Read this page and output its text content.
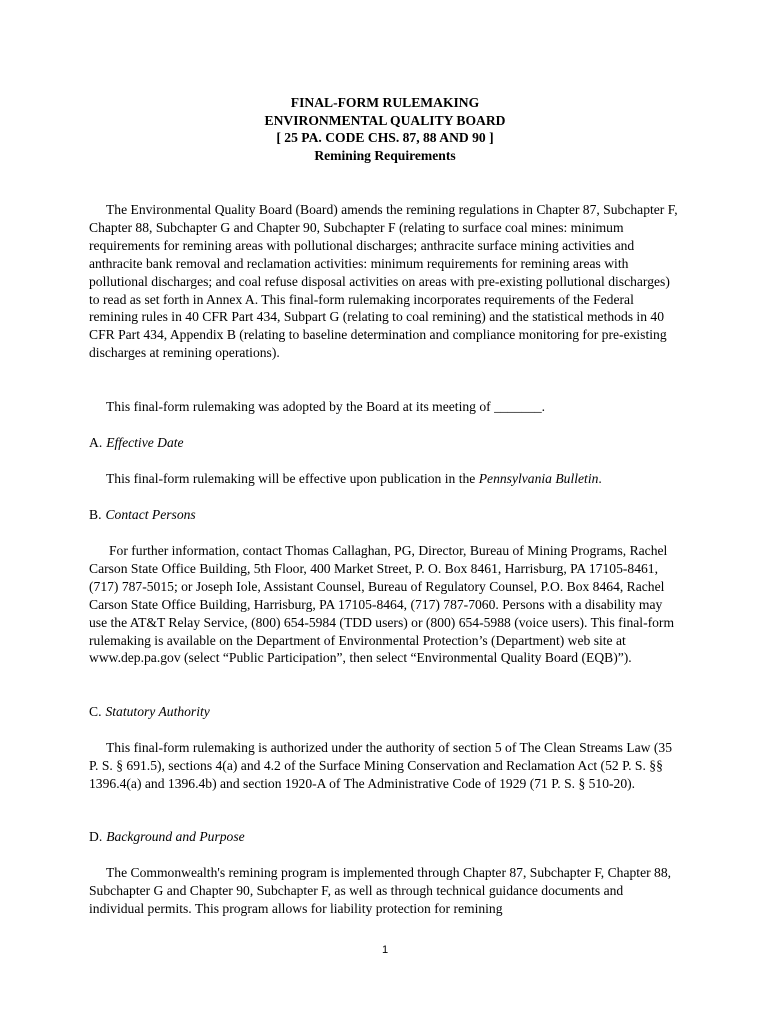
FINAL-FORM RULEMAKING
ENVIRONMENTAL QUALITY BOARD
[ 25 PA. CODE CHS. 87, 88 AND 90 ]
Remining Requirements

The Environmental Quality Board (Board) amends the remining regulations in Chapter 87, Subchapter F, Chapter 88, Subchapter G and Chapter 90, Subchapter F (relating to surface coal mines: minimum requirements for remining areas with pollutional discharges; anthracite surface mining activities and anthracite bank removal and reclamation activities: minimum requirements for remining areas with pollutional discharges; and coal refuse disposal activities on areas with pre-existing pollutional discharges) to read as set forth in Annex A. This final-form rulemaking incorporates requirements of the Federal remining rules in 40 CFR Part 434, Subpart G (relating to coal remining) and the statistical methods in 40 CFR Part 434, Appendix B (relating to baseline determination and compliance monitoring for pre-existing discharges at remining operations).

This final-form rulemaking was adopted by the Board at its meeting of _______.

A. Effective Date

This final-form rulemaking will be effective upon publication in the Pennsylvania Bulletin.

B. Contact Persons

For further information, contact Thomas Callaghan, PG, Director, Bureau of Mining Programs, Rachel Carson State Office Building, 5th Floor, 400 Market Street, P. O. Box 8461, Harrisburg, PA 17105-8461, (717) 787-5015; or Joseph Iole, Assistant Counsel, Bureau of Regulatory Counsel, P.O. Box 8464, Rachel Carson State Office Building, Harrisburg, PA 17105-8464, (717) 787-7060. Persons with a disability may use the AT&T Relay Service, (800) 654-5984 (TDD users) or (800) 654-5988 (voice users). This final-form rulemaking is available on the Department of Environmental Protection’s (Department) web site at www.dep.pa.gov (select “Public Participation”, then select “Environmental Quality Board (EQB)”).

C. Statutory Authority

This final-form rulemaking is authorized under the authority of section 5 of The Clean Streams Law (35 P. S. § 691.5), sections 4(a) and 4.2 of the Surface Mining Conservation and Reclamation Act (52 P. S. §§ 1396.4(a) and 1396.4b) and section 1920-A of The Administrative Code of 1929 (71 P. S. § 510-20).

D. Background and Purpose

The Commonwealth's remining program is implemented through Chapter 87, Subchapter F, Chapter 88, Subchapter G and Chapter 90, Subchapter F, as well as through technical guidance documents and individual permits. This program allows for liability protection for remining

1
